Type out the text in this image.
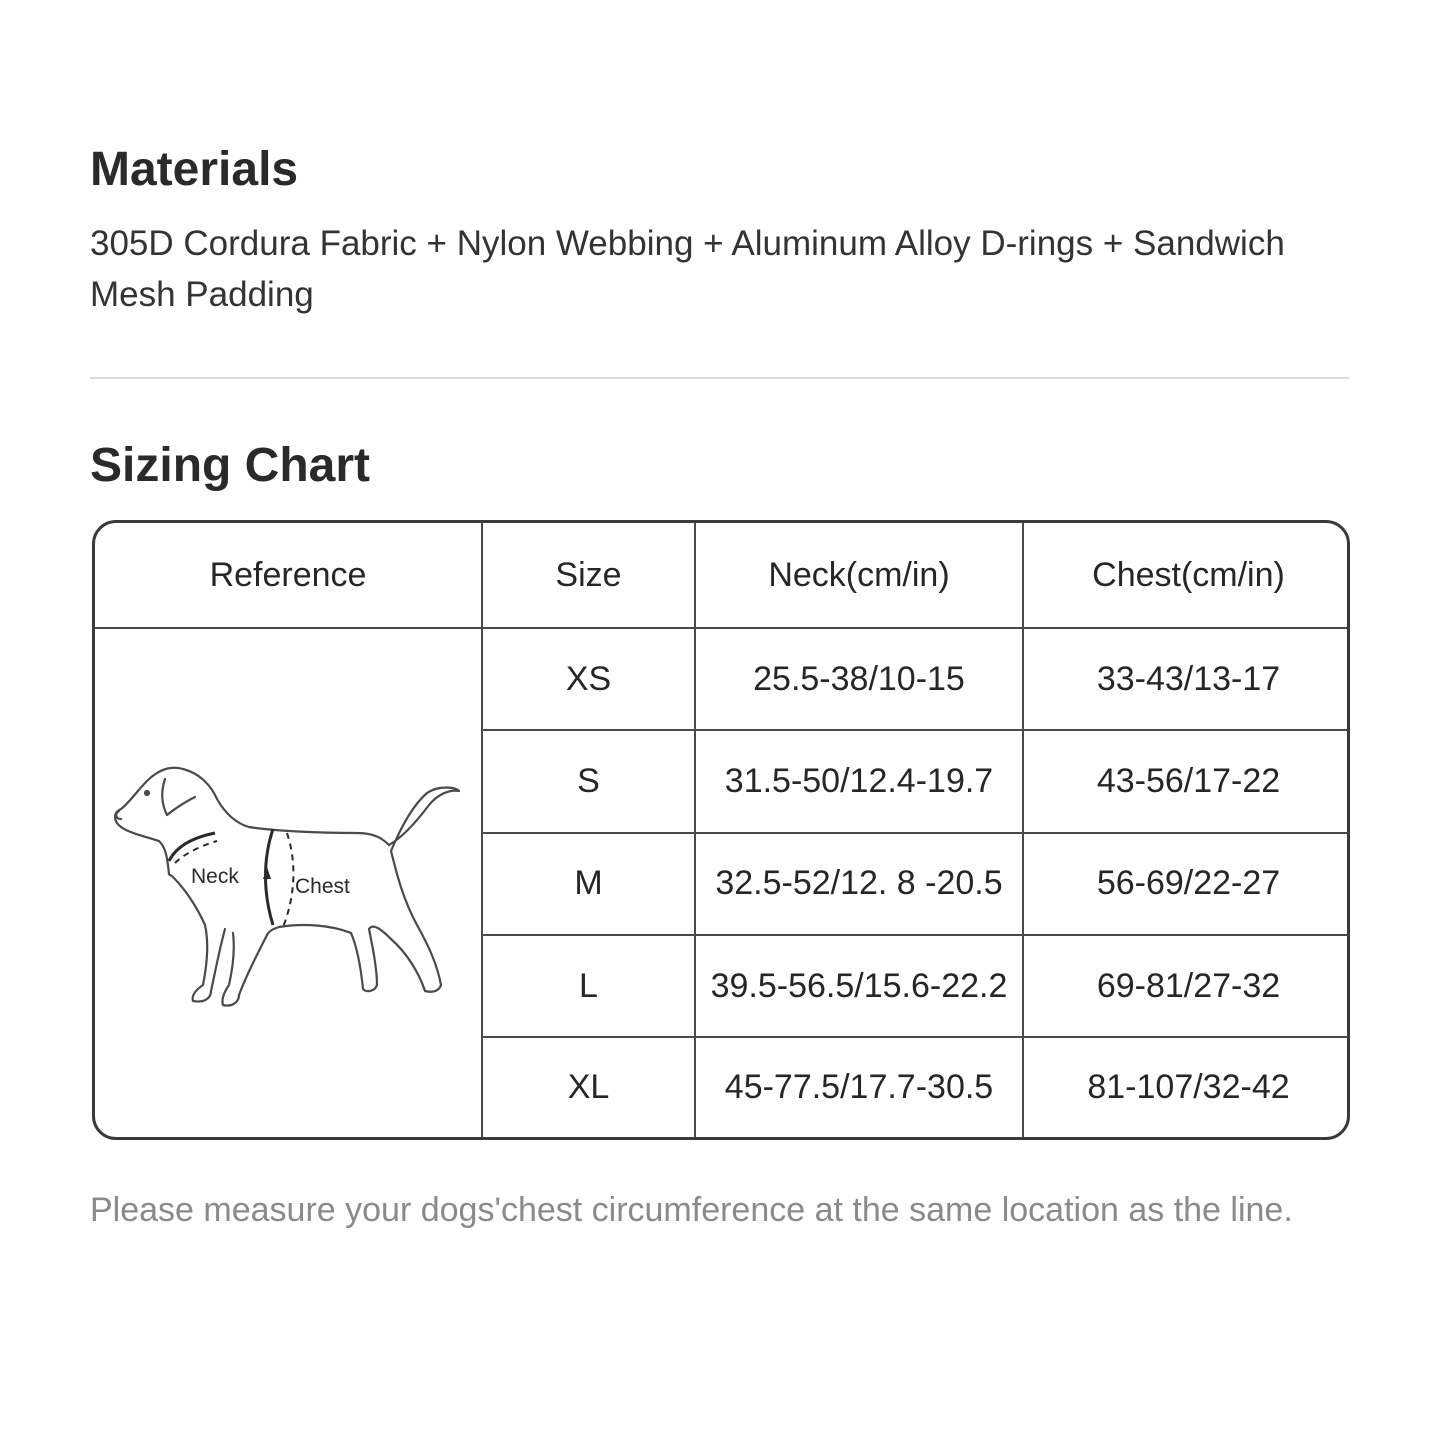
Materials

305D Cordura Fabric + Nylon Webbing + Aluminum Alloy D-rings + Sandwich Mesh Padding

Sizing Chart
Reference	Size	Neck(cm/in)	Chest(cm/in)

Neck Chest	XS	25.5-38/10-15	33-43/13-17
	S	31.5-50/12.4-19.7	43-56/17-22
	M	32.5-52/12. 8 -20.5	56-69/22-27
	L	39.5-56.5/15.6-22.2	69-81/27-32
	XL	45-77.5/17.7-30.5	81-107/32-42

Please measure your dogs'chest circumference at the same location as the line.
